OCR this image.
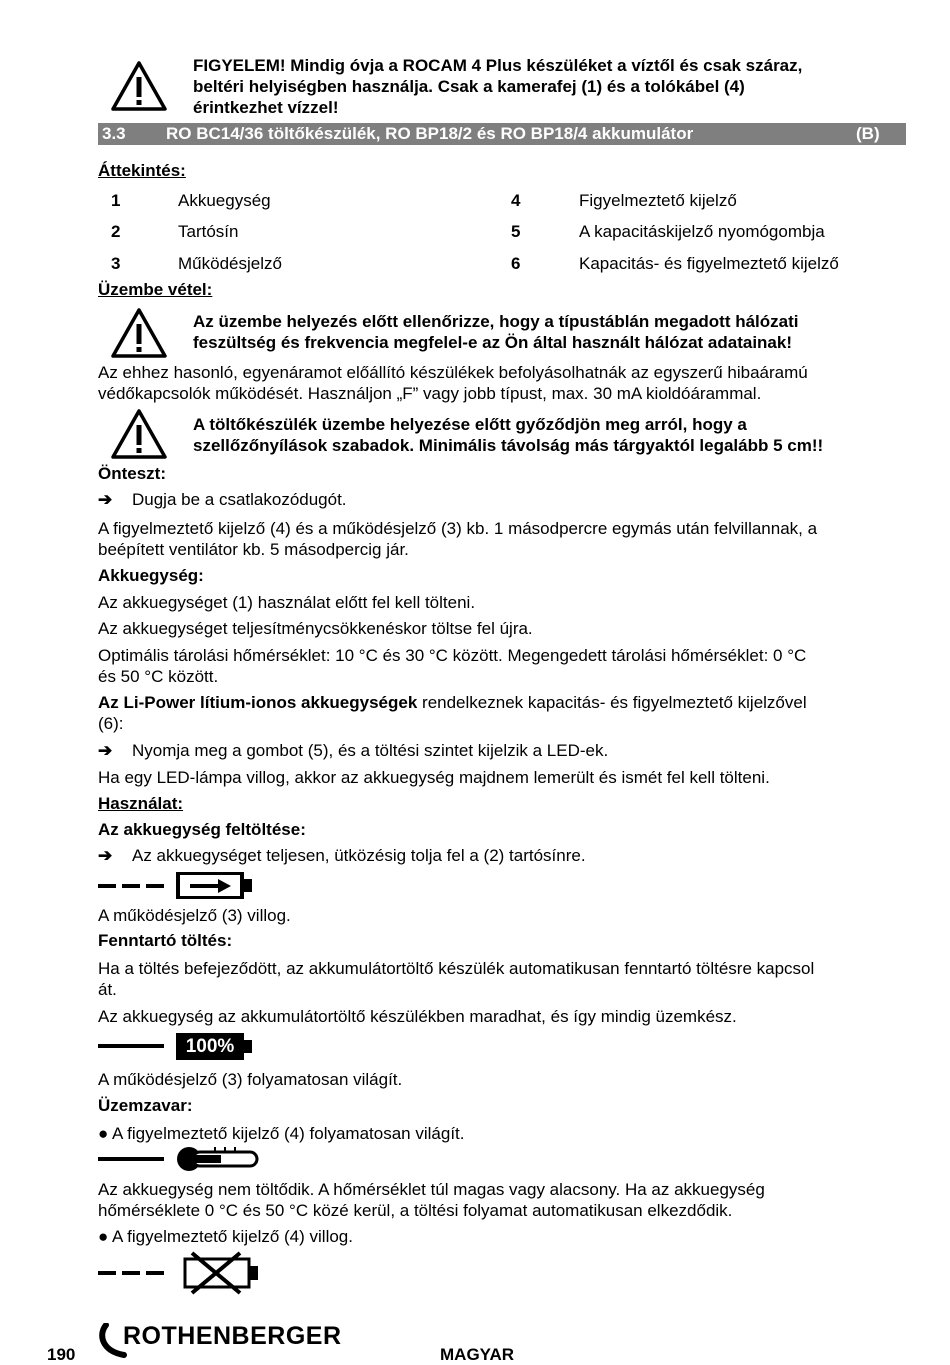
FIGYELEM! Mindig óvja a ROCAM 4 Plus készüléket a víztől és csak száraz,
beltéri helyiségben használja. Csak a kamerafej (1) és a tolókábel (4)
érintkezhet vízzel!
3.3 RO BC14/36 töltőkészülék, RO BP18/2 és RO BP18/4 akkumulátor	(B)
Áttekintés:
1	Akkuegység
2	Tartósín
3	Működésjelző
4	Figyelmeztető kijelző
5	A kapacitáskijelző nyomógombja
6	Kapacitás- és figyelmeztető kijelző
Üzembe vétel:
Az üzembe helyezés előtt ellenőrizze, hogy a típustáblán megadott hálózati
feszültség és frekvencia megfelel-e az Ön által használt hálózat adatainak!
Az ehhez hasonló, egyenáramot előállító készülékek befolyásolhatnák az egyszerű hibaáramú
védőkapcsolók működését. Használjon „F” vagy jobb típust, max. 30 mA kioldóárammal.
A töltőkészülék üzembe helyezése előtt győződjön meg arról, hogy a
szellőzőnyílások szabadok. Minimális távolság más tárgyaktól legalább 5 cm!!
Önteszt:
➔ Dugja be a csatlakozódugót.
A figyelmeztető kijelző (4) és a működésjelző (3) kb. 1 másodpercre egymás után felvillannak, a
beépített ventilátor kb. 5 másodpercig jár.
Akkuegység:
Az akkuegységet (1) használat előtt fel kell tölteni.
Az akkuegységet teljesítménycsökkenéskor töltse fel újra.
Optimális tárolási hőmérséklet: 10 °C és 30 °C között. Megengedett tárolási hőmérséklet: 0 °C
és 50 °C között.
Az Li-Power lítium-ionos akkuegységek rendelkeznek kapacitás- és figyelmeztető kijelzővel
(6):
➔ Nyomja meg a gombot (5), és a töltési szintet kijelzik a LED-ek.
Ha egy LED-lámpa villog, akkor az akkuegység majdnem lemerült és ismét fel kell tölteni.
Használat:
Az akkuegység feltöltése:
➔ Az akkuegységet teljesen, ütközésig tolja fel a (2) tartósínre.
A működésjelző (3) villog.
Fenntartó töltés:
Ha a töltés befejeződött, az akkumulátortöltő készülék automatikusan fenntartó töltésre kapcsol
át.
Az akkuegység az akkumulátortöltő készülékben maradhat, és így mindig üzemkész.
100%
A működésjelző (3) folyamatosan világít.
Üzemzavar:
● A figyelmeztető kijelző (4) folyamatosan világít.
Az akkuegység nem töltődik. A hőmérséklet túl magas vagy alacsony. Ha az akkuegység
hőmérséklete 0 °C és 50 °C közé kerül, a töltési folyamat automatikusan elkezdődik.
● A figyelmeztető kijelző (4) villog.
190
ROTHENBERGER
MAGYAR
